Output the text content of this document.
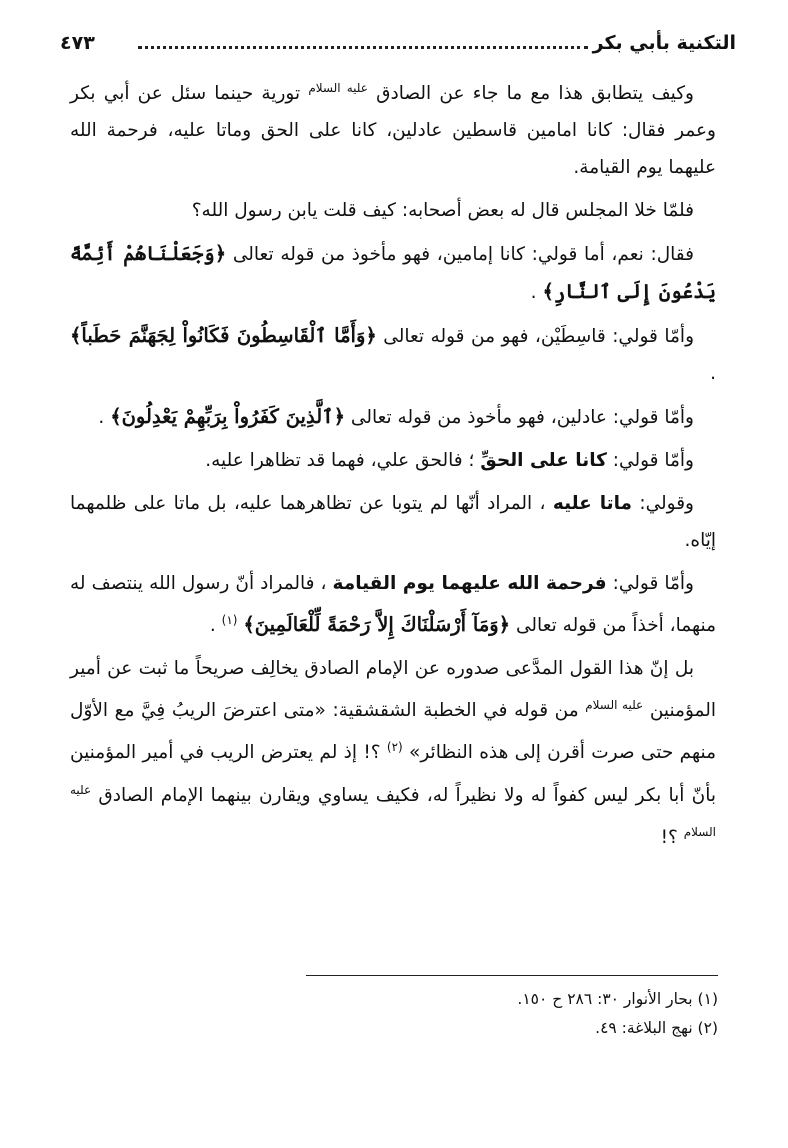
التكنية بأبي بكر
٤٧٣

وكيف يتطابق هذا مع ما جاء عن الصادق $^{عليه السلام}$ تورية حينما سئل عن أبي بكر وعمر فقال: كانا امامين قاسطين عادلين، كانا على الحق وماتا عليه، فرحمة الله عليهما يوم القيامة.

فلمّا خلا المجلس قال له بعض أصحابه: كيف قلت يابن رسول الله؟

فقال: نعم، أما قولي: كانا إمامين، فهو مأخوذ من قوله تعالى ﴿وَجَعَلْنَاهُمْ أَئِمَّةً يَدْعُونَ إِلَى ٱلنَّارِ﴾ .

وأمّا قولي: قاسِطَيْن، فهو من قوله تعالى ﴿وَأَمَّا ٱلْقَاسِطُونَ فَكَانُواْ لِجَهَنَّمَ حَطَباً﴾ .

وأمّا قولي: عادلين، فهو مأخوذ من قوله تعالى ﴿ٱلَّذِينَ كَفَرُواْ بِرَبِّهِمْ يَعْدِلُونَ﴾ .

وأمّا قولي: كانا على الحقِّ ؛ فالحق علي، فهما قد تظاهرا عليه.

وقولي: ماتا عليه ، المراد أنّها لم يتوبا عن تظاهرهما عليه، بل ماتا على ظلمهما إيّاه.

وأمّا قولي: فرحمة الله عليهما يوم القيامة ، فالمراد أنّ رسول الله ينتصف له منهما، أخذاً من قوله تعالى ﴿وَمَآ أَرْسَلْنَاكَ إِلاَّ رَحْمَةً لِّلْعَالَمِينَ﴾ $^{(١)}$ .

بل إنّ هذا القول المدَّعى صدوره عن الإمام الصادق يخالِف صريحاً ما ثبت عن أمير المؤمنين $^{عليه السلام}$ من قوله في الخطبة الشقشقية: «متى اعترضَ الريبُ فِيَّ مع الأوّل منهم حتى صرت أقرن إلى هذه النظائر» $^{(٢)}$ ؟! إذ لم يعترض الريب في أمير المؤمنين بأنّ أبا بكر ليس كفواً له ولا نظيراً له، فكيف يساوي ويقارن بينهما الإمام الصادق $^{عليه السلام}$ ؟!

(١) بحار الأنوار ٣٠: ٢٨٦ ح ١٥٠.

(٢) نهج البلاغة: ٤٩.
